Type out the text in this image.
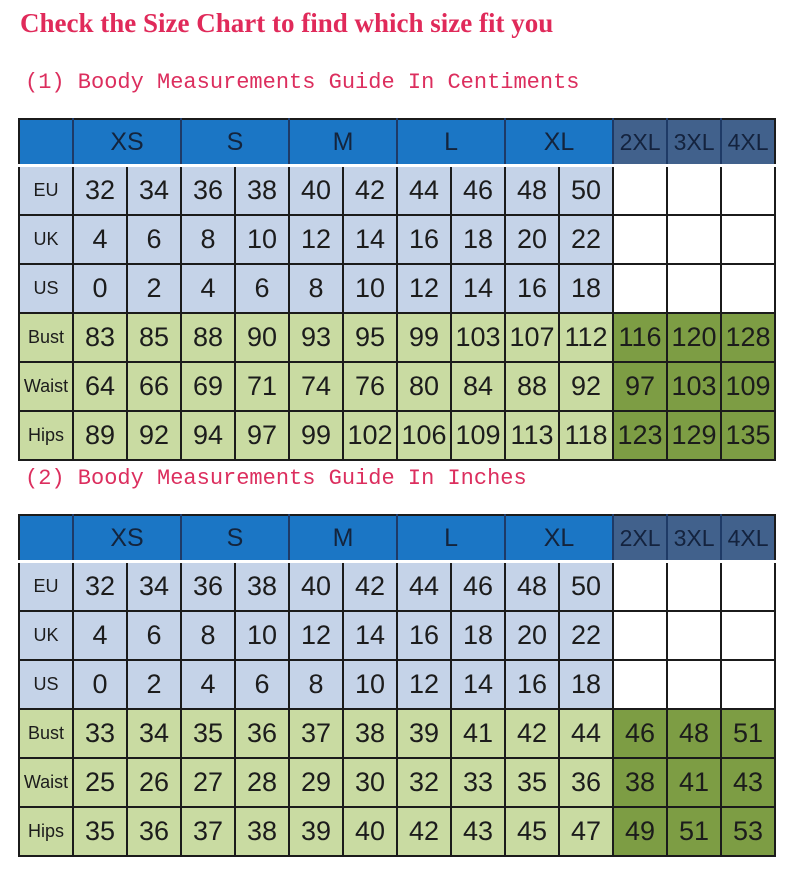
Check the Size Chart to find which size fit you
(1) Boody Measurements Guide In Centiments
	XS		S		M		L		XL		2XL	3XL	4XL
EU	32	34	36	38	40	42	44	46	48	50			
UK	4	6	8	10	12	14	16	18	20	22			
US	0	2	4	6	8	10	12	14	16	18			
Bust	83	85	88	90	93	95	99	103	107	112	116	120	128
Waist	64	66	69	71	74	76	80	84	88	92	97	103	109
Hips	89	92	94	97	99	102	106	109	113	118	123	129	135
(2) Boody Measurements Guide In Inches
	XS		S		M		L		XL		2XL	3XL	4XL
EU	32	34	36	38	40	42	44	46	48	50			
UK	4	6	8	10	12	14	16	18	20	22			
US	0	2	4	6	8	10	12	14	16	18			
Bust	33	34	35	36	37	38	39	41	42	44	46	48	51
Waist	25	26	27	28	29	30	32	33	35	36	38	41	43
Hips	35	36	37	38	39	40	42	43	45	47	49	51	53
